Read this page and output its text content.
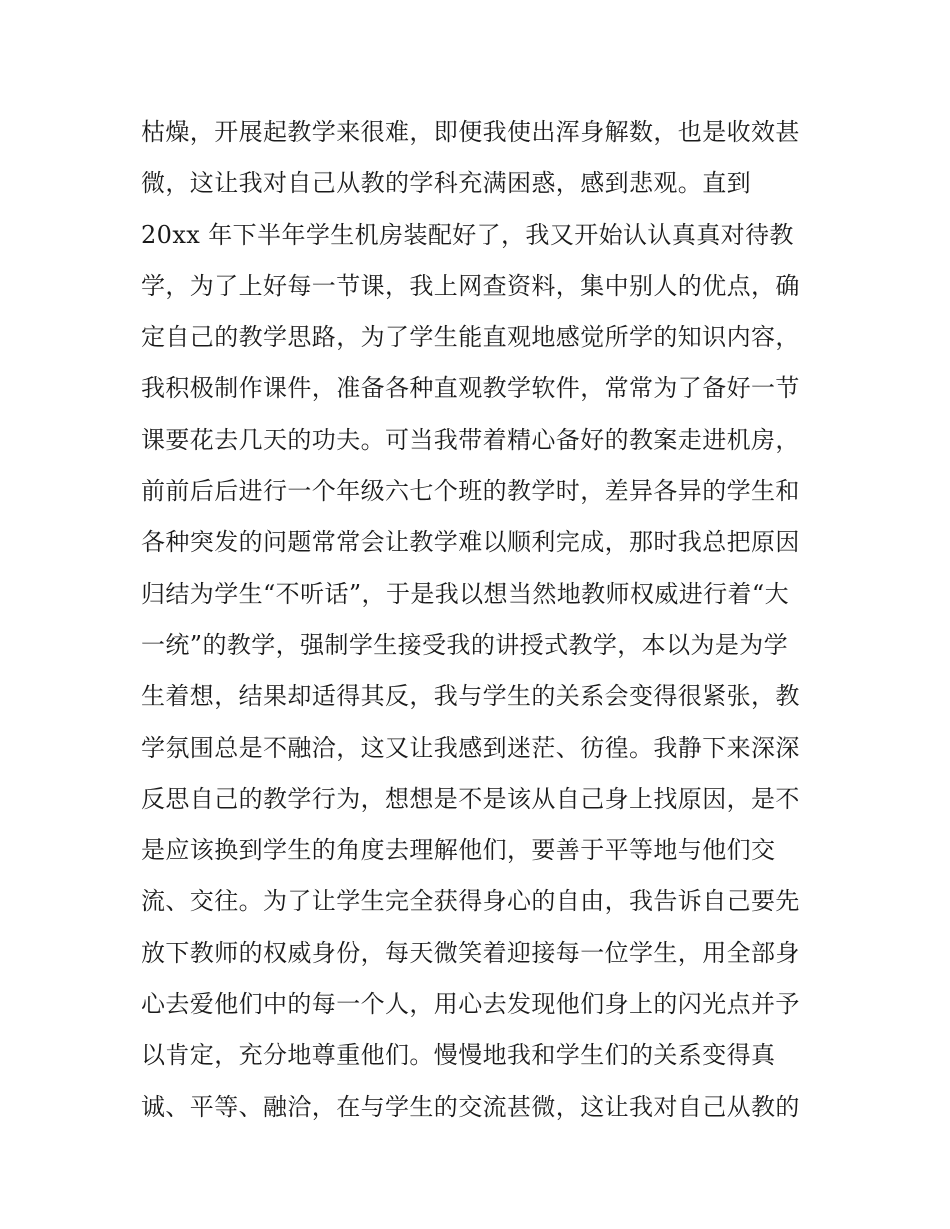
枯燥，开展起教学来很难，即便我使出浑身解数，也是收效甚
微，这让我对自己从教的学科充满困惑，感到悲观。直到
20xx 年下半年学生机房装配好了，我又开始认认真真对待教
学，为了上好每一节课，我上网查资料，集中别人的优点，确
定自己的教学思路，为了学生能直观地感觉所学的知识内容，
我积极制作课件，准备各种直观教学软件，常常为了备好一节
课要花去几天的功夫。可当我带着精心备好的教案走进机房，
前前后后进行一个年级六七个班的教学时，差异各异的学生和
各种突发的问题常常会让教学难以顺利完成，那时我总把原因
归结为学生“不听话”，于是我以想当然地教师权威进行着“大
一统”的教学，强制学生接受我的讲授式教学，本以为是为学
生着想，结果却适得其反，我与学生的关系会变得很紧张，教
学氛围总是不融洽，这又让我感到迷茫、彷徨。我静下来深深
反思自己的教学行为，想想是不是该从自己身上找原因，是不
是应该换到学生的角度去理解他们，要善于平等地与他们交
流、交往。为了让学生完全获得身心的自由，我告诉自己要先
放下教师的权威身份，每天微笑着迎接每一位学生，用全部身
心去爱他们中的每一个人，用心去发现他们身上的闪光点并予
以肯定，充分地尊重他们。慢慢地我和学生们的关系变得真
诚、平等、融洽，在与学生的交流甚微，这让我对自己从教的
